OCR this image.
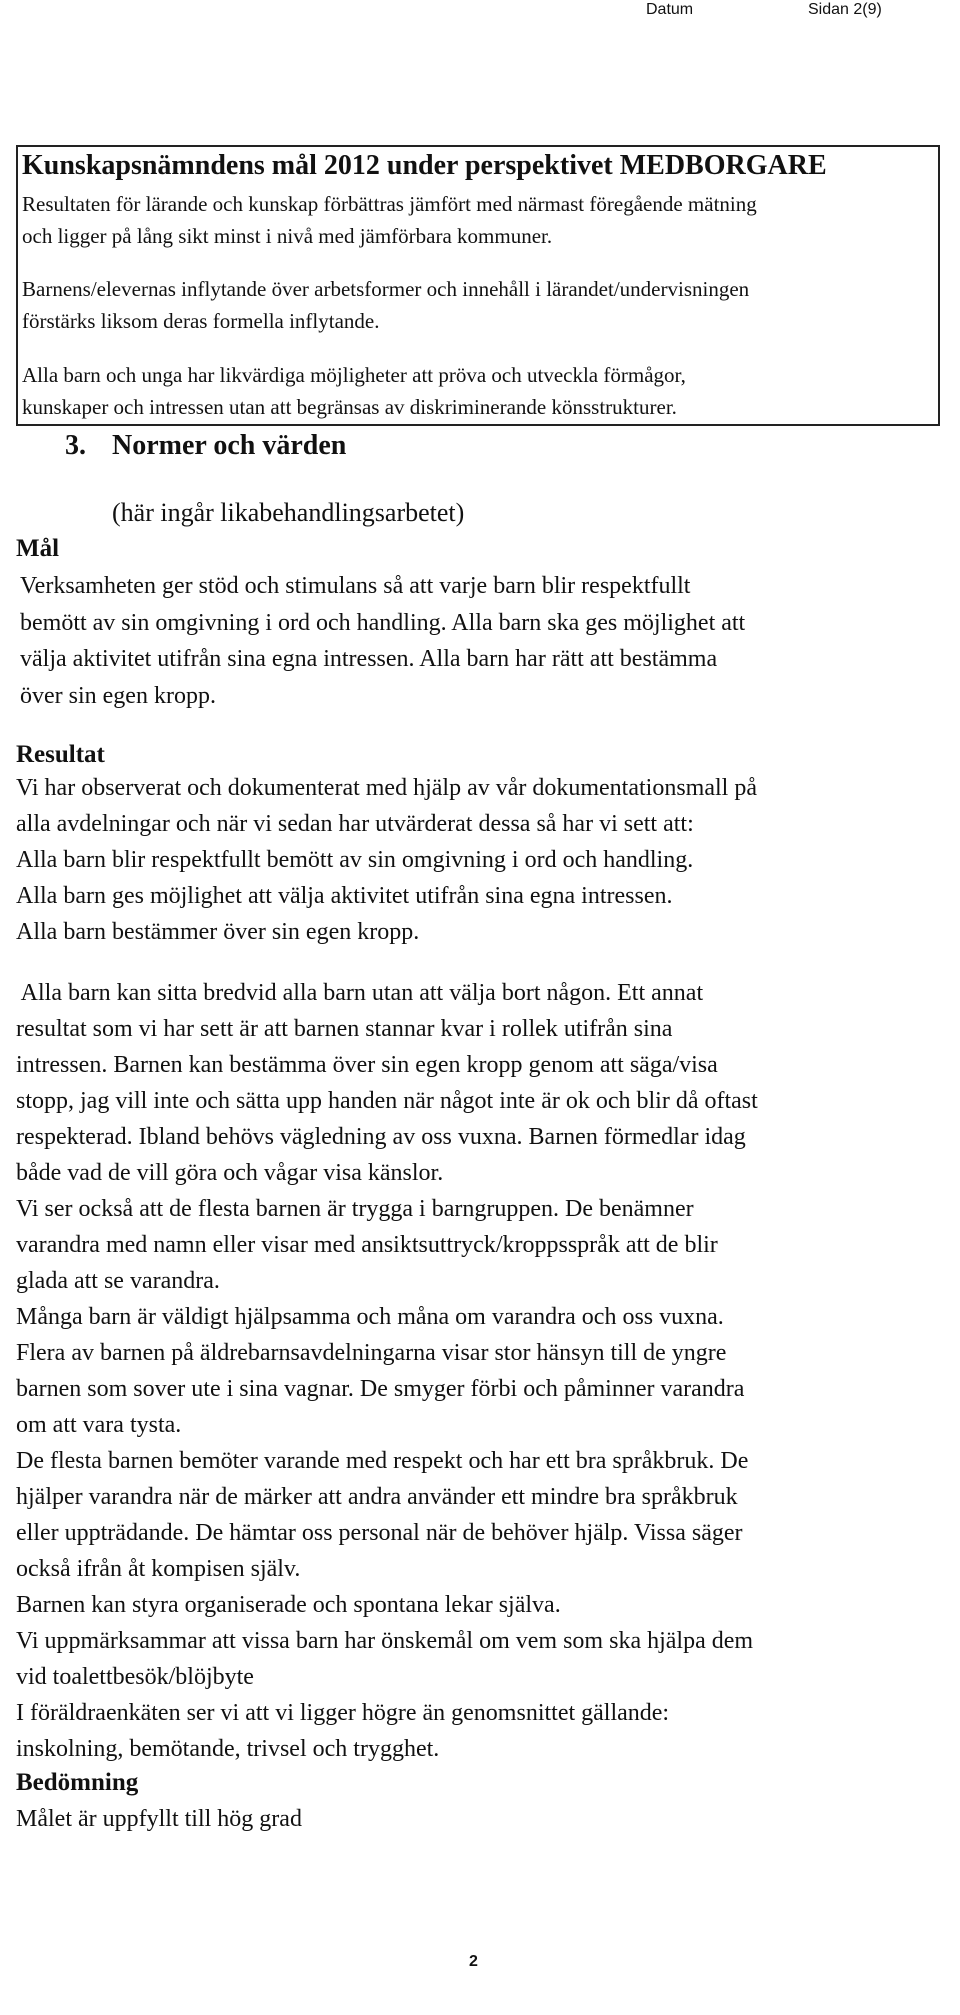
Datum	Sidan 2(9)
Kunskapsnämndens mål 2012 under perspektivet MEDBORGARE
Resultaten för lärande och kunskap förbättras jämfört med närmast föregående mätning
och ligger på lång sikt minst i nivå med jämförbara kommuner.
Barnens/elevernas inflytande över arbetsformer och innehåll i lärandet/undervisningen
förstärks liksom deras formella inflytande.
Alla barn och unga har likvärdiga möjligheter att pröva och utveckla förmågor,
kunskaper och intressen utan att begränsas av diskriminerande könsstrukturer.
3. Normer och värden
(här ingår likabehandlingsarbetet)
Mål
Verksamheten ger stöd och stimulans så att varje barn blir respektfullt
bemött av sin omgivning i ord och handling. Alla barn ska ges möjlighet att
välja aktivitet utifrån sina egna intressen. Alla barn har rätt att bestämma
över sin egen kropp.
Resultat
Vi har observerat och dokumenterat med hjälp av vår dokumentationsmall på
alla avdelningar och när vi sedan har utvärderat dessa så har vi sett att:
Alla barn blir respektfullt bemött av sin omgivning i ord och handling.
Alla barn ges möjlighet att välja aktivitet utifrån sina egna intressen.
Alla barn bestämmer över sin egen kropp.
Alla barn kan sitta bredvid alla barn utan att välja bort någon. Ett annat
resultat som vi har sett är att barnen stannar kvar i rollek utifrån sina
intressen. Barnen kan bestämma över sin egen kropp genom att säga/visa
stopp, jag vill inte och sätta upp handen när något inte är ok och blir då oftast
respekterad. Ibland behövs vägledning av oss vuxna. Barnen förmedlar idag
både vad de vill göra och vågar visa känslor.
Vi ser också att de flesta barnen är trygga i barngruppen. De benämner
varandra med namn eller visar med ansiktsuttryck/kroppsspråk att de blir
glada att se varandra.
Många barn är väldigt hjälpsamma och måna om varandra och oss vuxna.
Flera av barnen på äldrebarnsavdelningarna visar stor hänsyn till de yngre
barnen som sover ute i sina vagnar. De smyger förbi och påminner varandra
om att vara tysta.
De flesta barnen bemöter varande med respekt och har ett bra språkbruk. De
hjälper varandra när de märker att andra använder ett mindre bra språkbruk
eller uppträdande. De hämtar oss personal när de behöver hjälp. Vissa säger
också ifrån åt kompisen själv.
Barnen kan styra organiserade och spontana lekar själva.
Vi uppmärksammar att vissa barn har önskemål om vem som ska hjälpa dem
vid toalettbesök/blöjbyte
I föräldraenkäten ser vi att vi ligger högre än genomsnittet gällande:
inskolning, bemötande, trivsel och trygghet.
Bedömning
Målet är uppfyllt till hög grad
2
